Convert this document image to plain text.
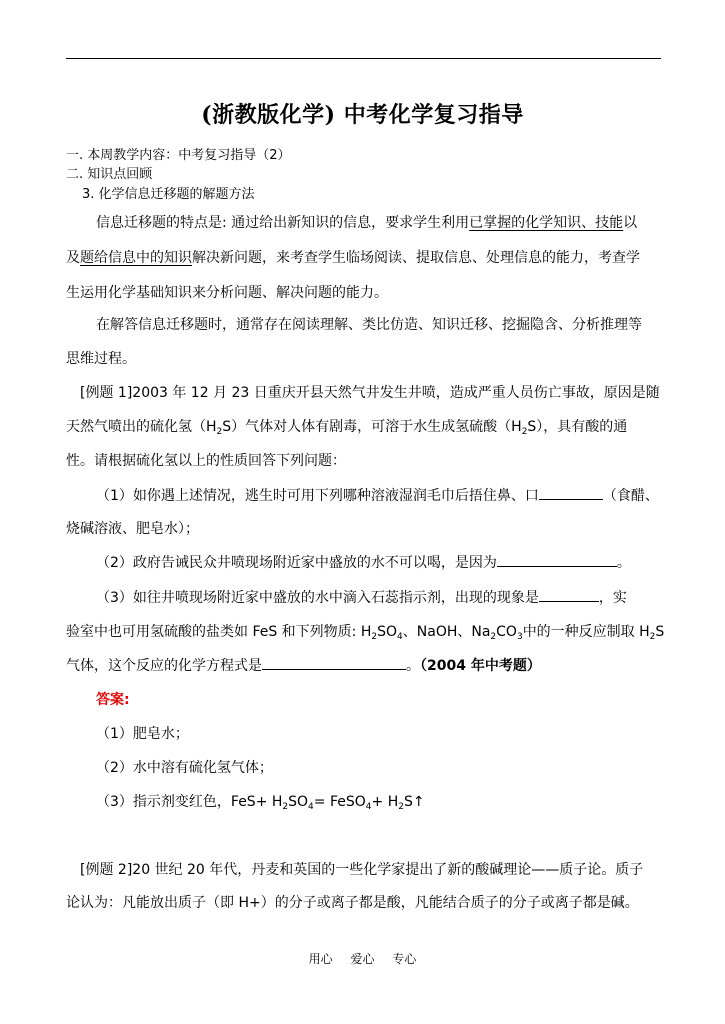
(浙教版化学) 中考化学复习指导
一. 本周教学内容：中考复习指导（2）
二. 知识点回顾
3. 化学信息迁移题的解题方法
信息迁移题的特点是: 通过给出新知识的信息，要求学生利用已掌握的化学知识、技能以
及题给信息中的知识解决新问题，来考查学生临场阅读、提取信息、处理信息的能力，考查学
生运用化学基础知识来分析问题、解决问题的能力。
在解答信息迁移题时，通常存在阅读理解、类比仿造、知识迁移、挖掘隐含、分析推理等
思维过程。
[例题 1]2003 年 12 月 23 日重庆开县天然气井发生井喷，造成严重人员伤亡事故，原因是随
天然气喷出的硫化氢$(H_2S)$气体对人体有剧毒，可溶于水生成氢硫酸$(H_2S)$，具有酸的通
性。请根据硫化氢以上的性质回答下列问题：
（1）如你遇上述情况，逃生时可用下列哪种溶液湿润毛巾后捂住鼻、口	（食醋、
烧碱溶液、肥皂水）；
（2）政府告诫民众井喷现场附近家中盛放的水不可以喝，是因为	。
（3）如往井喷现场附近家中盛放的水中滴入石蕊指示剂，出现的现象是	，实
验室中也可用氢硫酸的盐类如 FeS 和下列物质: $H_2SO_4$、NaOH、$Na_2CO_3$中的一种反应制取 $H_2S$
气体，这个反应的化学方程式是	。（2004 年中考题）
答案:
（1）肥皂水；
（2）水中溶有硫化氢气体；
（3）指示剂变红色，$FeS+ H_2SO_4=$ FeSO$_4$+ $H_2S↑$
[例题 2]20 世纪 20 年代，丹麦和英国的一些化学家提出了新的酸碱理论——质子论。质子
论认为：凡能放出质子（即 H+）的分子或离子都是酸，凡能结合质子的分子或离子都是碱。
用心 爱心 专心
